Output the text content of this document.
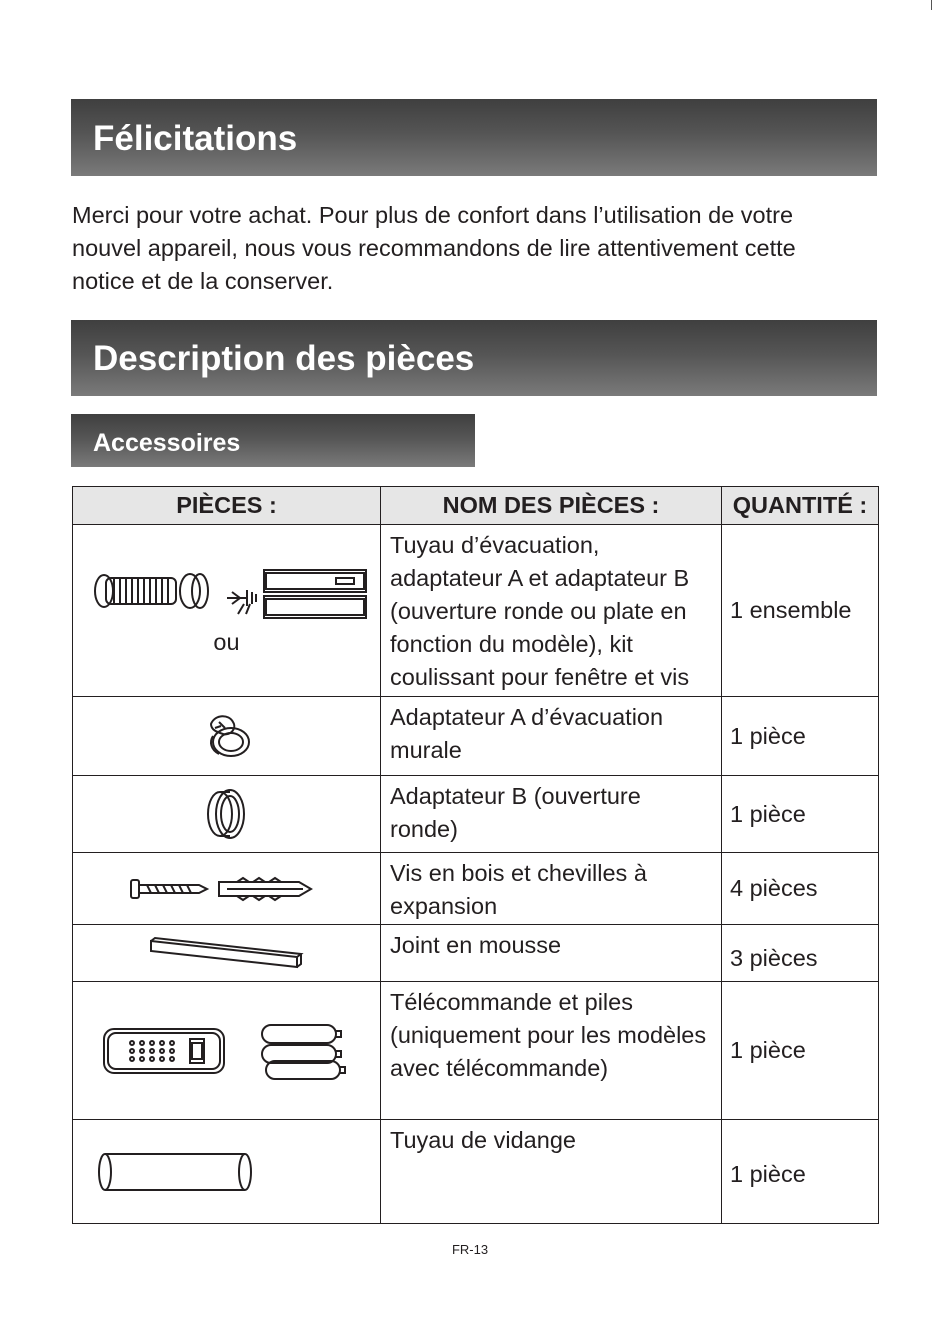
Félicitations

Merci pour votre achat. Pour plus de confort dans l’utilisation de votre nouvel appareil, nous vous recommandons de lire attentivement cette notice et de la conserver.

Description des pièces
Accessoires
PIÈCES :	NOM DES PIÈCES :	QUANTITÉ :

ou	Tuyau d’évacuation, adaptateur A et adaptateur B (ouverture ronde ou plate en fonction du modèle), kit coulissant pour fenêtre et vis	1 ensemble

	Adaptateur A d’évacuation murale	1 pièce

	Adaptateur B (ouverture ronde)	1 pièce

	Vis en bois et chevilles à expansion	4 pièces

	Joint en mousse	3 pièces

	Télécommande et piles (uniquement pour les modèles avec télécommande)	1 pièce

	Tuyau de vidange	1 pièce
FR-13
